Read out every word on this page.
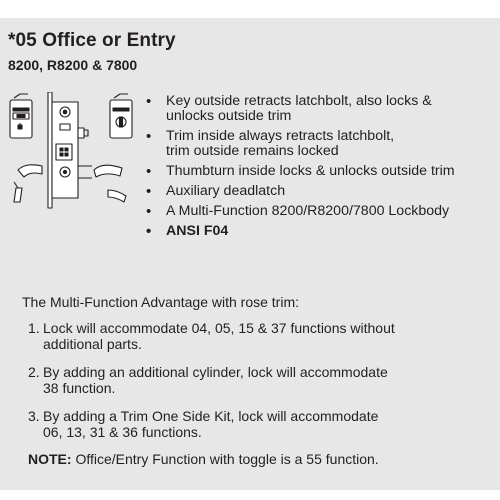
*05 Office or Entry
8200, R8200 & 7800
• Key outside retracts latchbolt, also locks &
unlocks outside trim
• Trim inside always retracts latchbolt,
trim outside remains locked
• Thumbturn inside locks & unlocks outside trim
• Auxiliary deadlatch
• A Multi-Function 8200/R8200/7800 Lockbody
• ANSI F04

The Multi-Function Advantage with rose trim:

1. Lock will accommodate 04, 05, 15 & 37 functions without
additional parts.
2. By adding an additional cylinder, lock will accommodate
38 function.
3. By adding a Trim One Side Kit, lock will accommodate
06, 13, 31 & 36 functions.

NOTE: Office/Entry Function with toggle is a 55 function.
